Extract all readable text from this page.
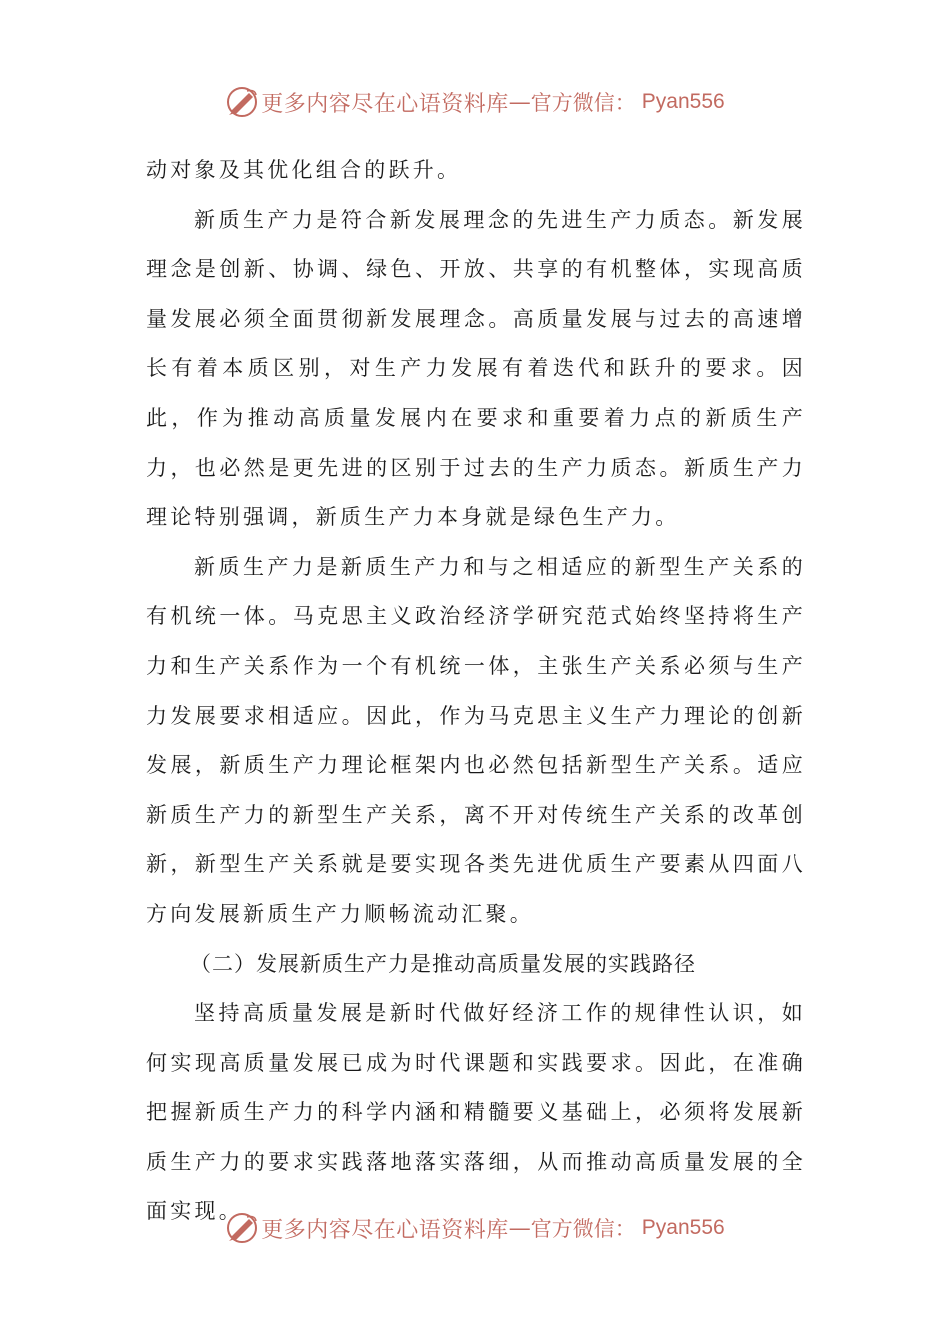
更多内容尽在心语资料库 — 官方微信： Pyan556

动对象及其优化组合的跃升。

新质生产力是符合新发展理念的先进生产力质态。新发展理念是创新、协调、绿色、开放、共享的有机整体，实现高质量发展必须全面贯彻新发展理念。高质量发展与过去的高速增长有着本质区别，对生产力发展有着迭代和跃升的要求。因此，作为推动高质量发展内在要求和重要着力点的新质生产力，也必然是更先进的区别于过去的生产力质态。新质生产力理论特别强调，新质生产力本身就是绿色生产力。

新质生产力是新质生产力和与之相适应的新型生产关系的有机统一体。马克思主义政治经济学研究范式始终坚持将生产力和生产关系作为一个有机统一体，主张生产关系必须与生产力发展要求相适应。因此，作为马克思主义生产力理论的创新发展，新质生产力理论框架内也必然包括新型生产关系。适应新质生产力的新型生产关系，离不开对传统生产关系的改革创新，新型生产关系就是要实现各类先进优质生产要素从四面八方向发展新质生产力顺畅流动汇聚。

（二）发展新质生产力是推动高质量发展的实践路径

坚持高质量发展是新时代做好经济工作的规律性认识，如何实现高质量发展已成为时代课题和实践要求。因此，在准确把握新质生产力的科学内涵和精髓要义基础上，必须将发展新质生产力的要求实践落地落实落细，从而推动高质量发展的全面实现。

更多内容尽在心语资料库 — 官方微信： Pyan556
